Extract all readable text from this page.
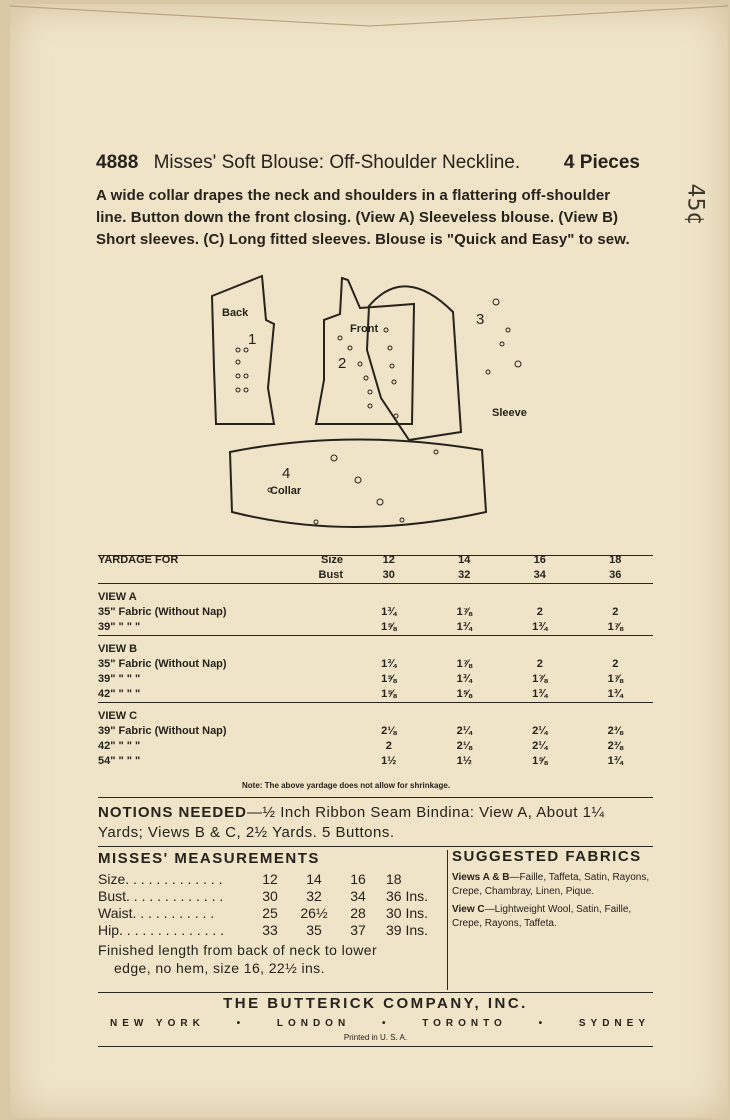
45¢
4888 Misses' Soft Blouse: Off-Shoulder Neckline. 4 Pieces
A wide collar drapes the neck and shoulders in a flattering off-shoulder
line. Button down the front closing. (View A) Sleeveless blouse. (View B)
Short sleeves. (C) Long fitted sleeves. Blouse is "Quick and Easy" to sew.
Back
1
Front
2
3
Sleeve
4
Collar
YARDAGE FOR	Size	12	14	16	18
	Bust	30	32	34	36

VIEW A					
35" Fabric (Without Nap)		1¾	1⅞	2	2
39" " " "		1⅝	1¾	1¾	1⅞

VIEW B					
35" Fabric (Without Nap)		1¾	1⅞	2	2
39" " " "		1⅝	1¾	1⅞	1⅞
42" " " "		1⅝	1⅝	1¾	1¾

VIEW C					
39" Fabric (Without Nap)		2⅛	2¼	2¼	2⅜
42" " " "		2	2⅛	2¼	2⅜
54" " " "		1½	1½	1⅝	1¾
Note: The above yardage does not allow for shrinkage.
NOTIONS NEEDED—½ Inch Ribbon Seam Bindina: View A, About 1¼ Yards; Views B & C, 2½ Yards. 5 Buttons.
MISSES' MEASUREMENTS
Size. . . . . . . . . . . . .	12	14	16	18
Bust. . . . . . . . . . . . .	30	32	34	36 Ins.
Waist. . . . . . . . . . .	25	26½	28	30 Ins.
Hip. . . . . . . . . . . . . .	33	35	37	39 Ins.
Finished length from back of neck to lower
edge, no hem, size 16, 22½ ins.
SUGGESTED FABRICS
Views A & B—Faille, Taffeta, Satin, Rayons, Crepe, Chambray, Linen, Pique.
View C—Lightweight Wool, Satin, Faille, Crepe, Rayons, Taffeta.
THE BUTTERICK COMPANY, INC.
NEW YORK	•	LONDON	•	TORONTO	•	SYDNEY
Printed in U. S. A.
